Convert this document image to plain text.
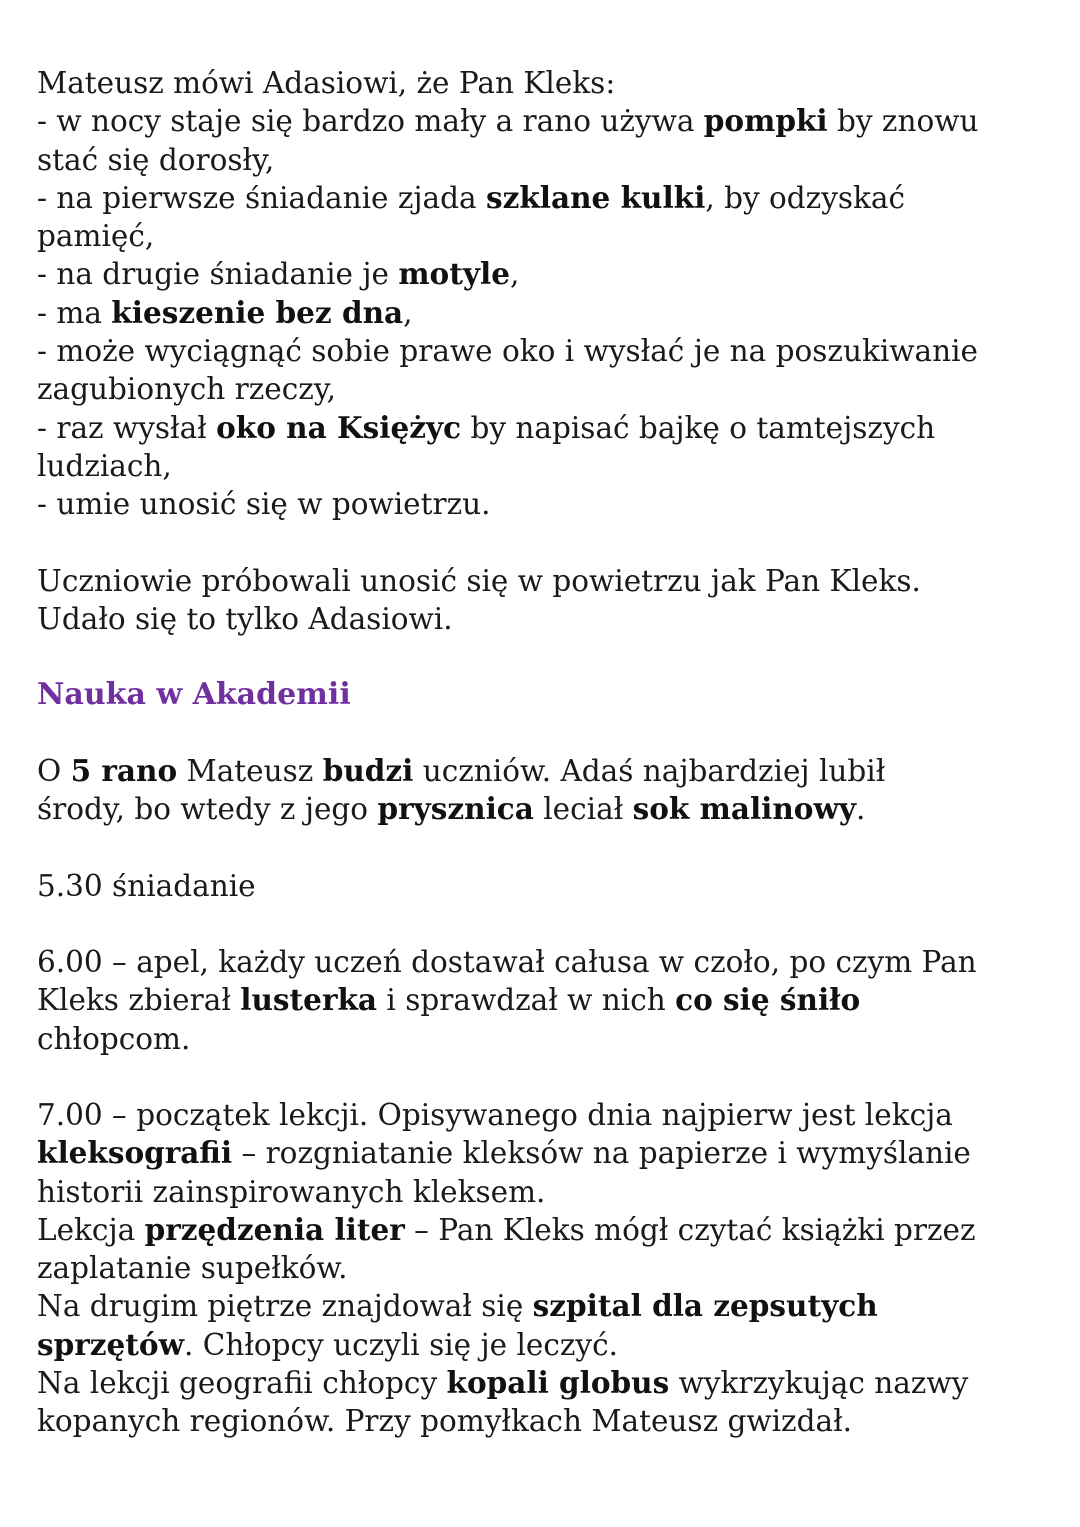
Mateusz mówi Adasiowi, że Pan Kleks:
- w nocy staje się bardzo mały a rano używa pompki by znowu
stać się dorosły,
- na pierwsze śniadanie zjada szklane kulki, by odzyskać
pamięć,
- na drugie śniadanie je motyle,
- ma kieszenie bez dna,
- może wyciągnąć sobie prawe oko i wysłać je na poszukiwanie
zagubionych rzeczy,
- raz wysłał oko na Księżyc by napisać bajkę o tamtejszych
ludziach,
- umie unosić się w powietrzu.

Uczniowie próbowali unosić się w powietrzu jak Pan Kleks.
Udało się to tylko Adasiowi.

Nauka w Akademii

O 5 rano Mateusz budzi uczniów. Adaś najbardziej lubił
środy, bo wtedy z jego prysznica leciał sok malinowy.

5.30 śniadanie

6.00 – apel, każdy uczeń dostawał całusa w czoło, po czym Pan
Kleks zbierał lusterka i sprawdzał w nich co się śniło
chłopcom.

7.00 – początek lekcji. Opisywanego dnia najpierw jest lekcja
kleksografii – rozgniatanie kleksów na papierze i wymyślanie
historii zainspirowanych kleksem.
Lekcja przędzenia liter – Pan Kleks mógł czytać książki przez
zaplatanie supełków.
Na drugim piętrze znajdował się szpital dla zepsutych
sprzętów. Chłopcy uczyli się je leczyć.
Na lekcji geografii chłopcy kopali globus wykrzykując nazwy
kopanych regionów. Przy pomyłkach Mateusz gwizdał.
